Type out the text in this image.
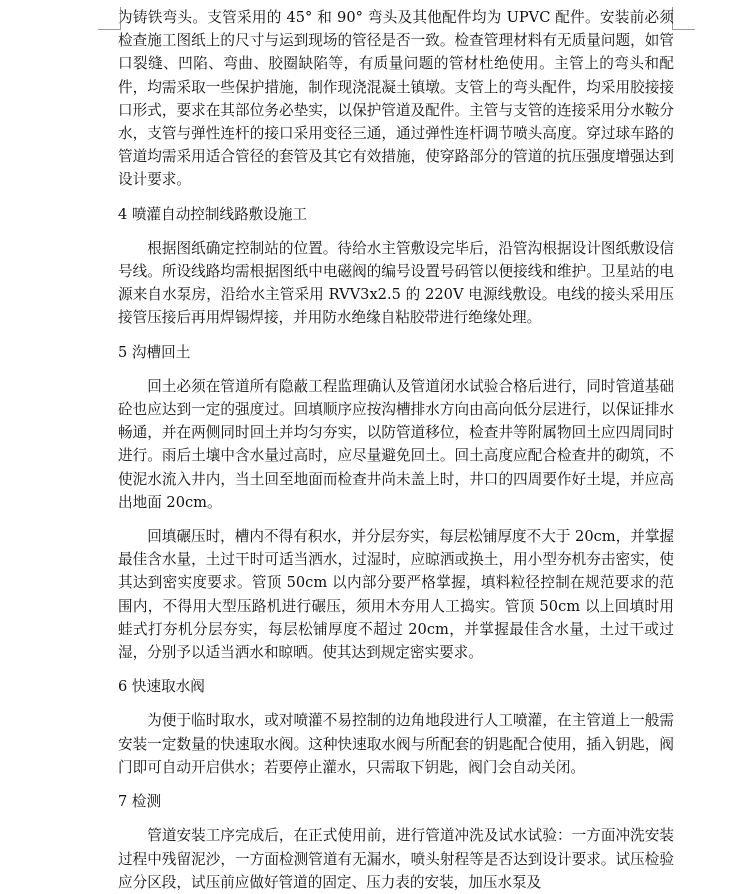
为铸铁弯头。支管采用的 45° 和 90° 弯头及其他配件均为 UPVC 配件。安装前必须检查施工图纸上的尺寸与运到现场的管径是否一致。检查管理材料有无质量问题，如管口裂缝、凹陷、弯曲、胶圈缺陷等，有质量问题的管材杜绝使用。主管上的弯头和配件，均需采取一些保护措施，制作现浇混凝土镇墩。支管上的弯头配件，均采用胶接接口形式，要求在其部位务必垫实，以保护管道及配件。主管与支管的连接采用分水鞍分水，支管与弹性连杆的接口采用变径三通，通过弹性连杆调节喷头高度。穿过球车路的管道均需采用适合管径的套管及其它有效措施，使穿路部分的管道的抗压强度增强达到设计要求。

4 喷灌自动控制线路敷设施工

根据图纸确定控制站的位置。待给水主管敷设完毕后，沿管沟根据设计图纸敷设信号线。所设线路均需根据图纸中电磁阀的编号设置号码管以便接线和维护。卫星站的电源来自水泵房，沿给水主管采用 RVV3x2.5 的 220V 电源线敷设。电线的接头采用压接管压接后再用焊锡焊接，并用防水绝缘自粘胶带进行绝缘处理。

5 沟槽回土

回土必须在管道所有隐蔽工程监理确认及管道闭水试验合格后进行，同时管道基础砼也应达到一定的强度过。回填顺序应按沟槽排水方向由高向低分层进行，以保证排水畅通，并在两侧同时回土并均匀夯实，以防管道移位，检查井等附属物回土应四周同时进行。雨后土壤中含水量过高时，应尽量避免回土。回土高度应配合检查井的砌筑，不使泥水流入井内，当土回至地面而检查井尚未盖上时，井口的四周要作好土堤，并应高出地面 20cm。

回填碾压时，槽内不得有积水，并分层夯实，每层松铺厚度不大于 20cm，并掌握最佳含水量，土过干时可适当洒水，过湿时，应晾洒或换土，用小型夯机夯击密实，使其达到密实度要求。管顶 50cm 以内部分要严格掌握，填料粒径控制在规范要求的范围内，不得用大型压路机进行碾压，须用木夯用人工捣实。管顶 50cm 以上回填时用蛙式打夯机分层夯实，每层松铺厚度不超过 20cm，并掌握最佳含水量，土过干或过湿，分别予以适当洒水和晾晒。使其达到规定密实要求。

6 快速取水阀

为便于临时取水，或对喷灌不易控制的边角地段进行人工喷灌，在主管道上一般需安装一定数量的快速取水阀。这种快速取水阀与所配套的钥匙配合使用，插入钥匙，阀门即可自动开启供水；若要停止灌水，只需取下钥匙，阀门会自动关闭。

7 检测

管道安装工序完成后，在正式使用前，进行管道冲洗及试水试验：一方面冲洗安装过程中残留泥沙，一方面检测管道有无漏水，喷头射程等是否达到设计要求。试压检验应分区段，试压前应做好管道的固定、压力表的安装，加压水泵及
